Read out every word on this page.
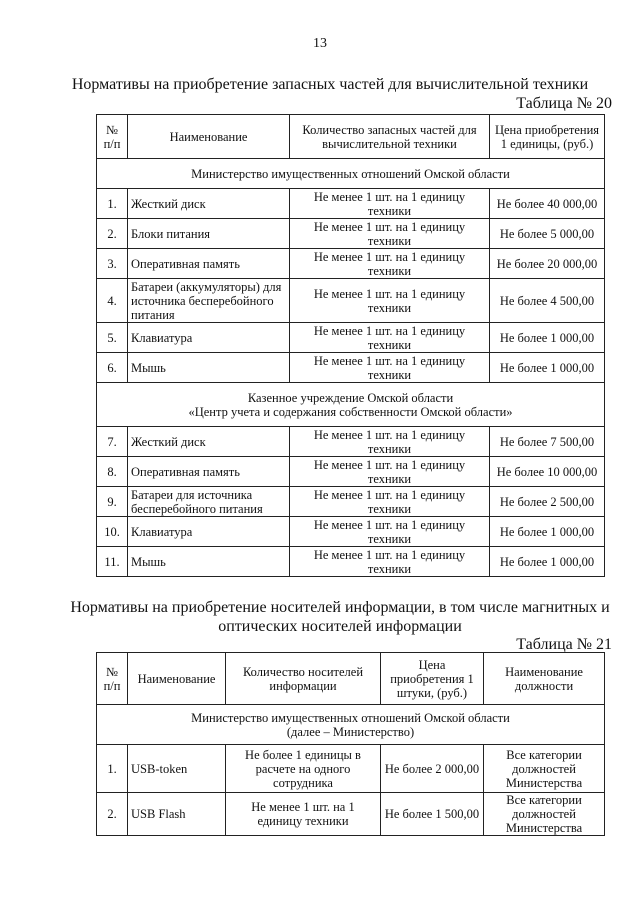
13
Нормативы на приобретение запасных частей для вычислительной техники
Таблица № 20
№ п/п	Наименование	Количество запасных частей для вычислительной техники	Цена приобретения 1 единицы, (руб.)
Министерство имущественных отношений Омской области			
1.	Жесткий диск	Не менее 1 шт. на 1 единицу техники	Не более 40 000,00
2.	Блоки питания	Не менее 1 шт. на 1 единицу техники	Не более 5 000,00
3.	Оперативная память	Не менее 1 шт. на 1 единицу техники	Не более 20 000,00
4.	Батареи (аккумуляторы) для источника бесперебойного питания	Не менее 1 шт. на 1 единицу техники	Не более 4 500,00
5.	Клавиатура	Не менее 1 шт. на 1 единицу техники	Не более 1 000,00
6.	Мышь	Не менее 1 шт. на 1 единицу техники	Не более 1 000,00

Казенное учреждение Омской области
«Центр учета и содержания собственности Омской области»			

7.	Жесткий диск	Не менее 1 шт. на 1 единицу техники	Не более 7 500,00
8.	Оперативная память	Не менее 1 шт. на 1 единицу техники	Не более 10 000,00
9.	Батареи для источника бесперебойного питания	Не менее 1 шт. на 1 единицу техники	Не более 2 500,00
10.	Клавиатура	Не менее 1 шт. на 1 единицу техники	Не более 1 000,00
11.	Мышь	Не менее 1 шт. на 1 единицу техники	Не более 1 000,00
Нормативы на приобретение носителей информации, в том числе магнитных и оптических носителей информации
Таблица № 21
№ п/п	Наименование	Количество носителей информации	Цена приобретения 1 штуки, (руб.)	Наименование должности

Министерство имущественных отношений Омской области
(далее – Министерство)				

1.	USB-token	Не более 1 единицы в расчете на одного сотрудника	Не более 2 000,00	Все категории должностей Министерства
2.	USB Flash	Не менее 1 шт. на 1 единицу техники	Не более 1 500,00	Все категории должностей Министерства
